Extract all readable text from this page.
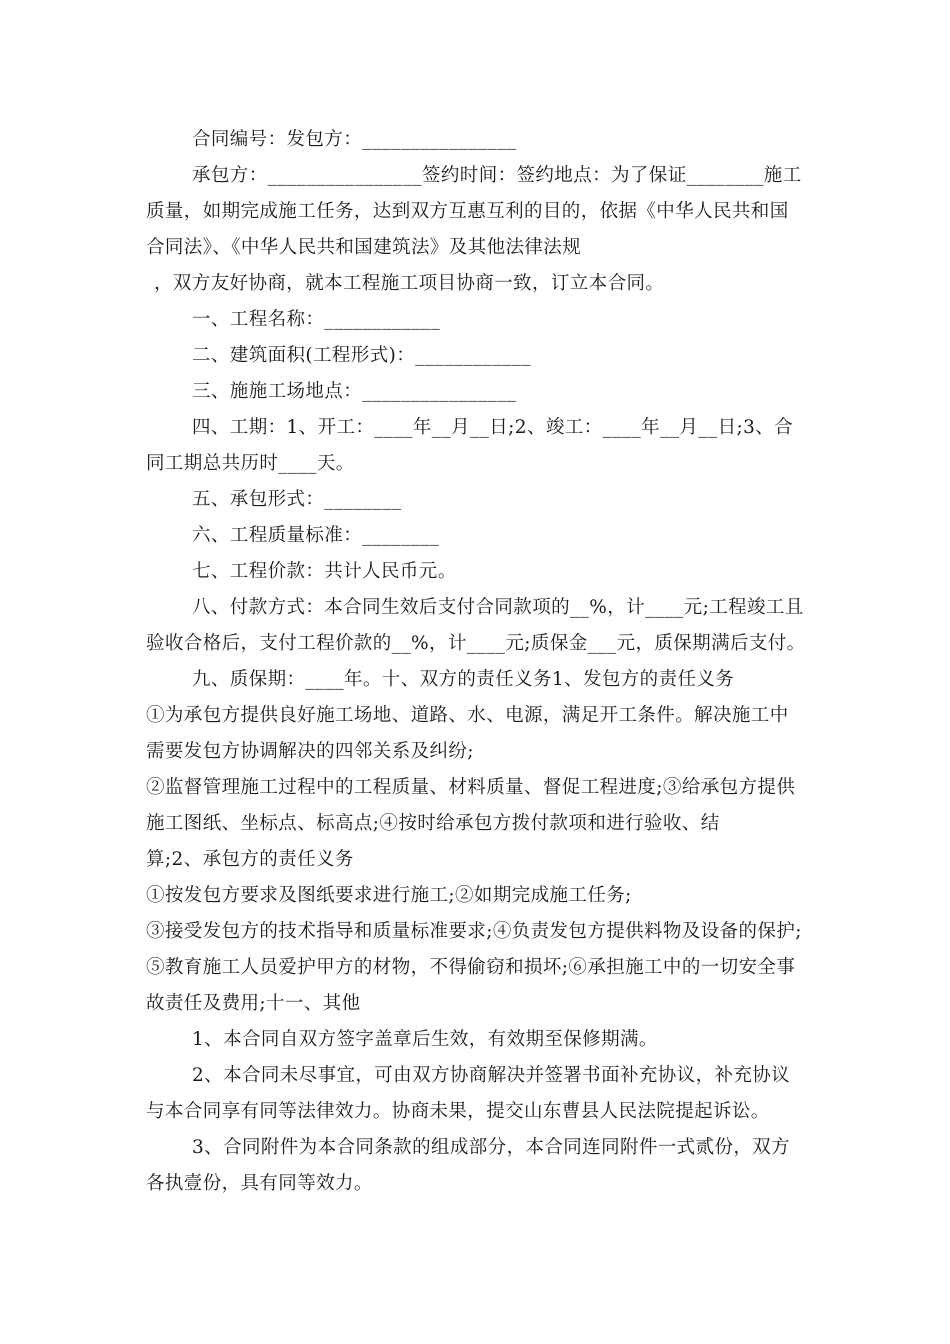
合同编号：发包方：________________

承包方：________________签约时间：签约地点：为了保证________施工质量，如期完成施工任务，达到双方互惠互利的目的，依据《中华人民共和国合同法》、《中华人民共和国建筑法》及其他法律法规

，双方友好协商，就本工程施工项目协商一致，订立本合同。

一、工程名称：____________

二、建筑面积(工程形式)：____________

三、施施工场地点：________________

四、工期：1、开工：____年__月__日;2、竣工：____年__月__日;3、合同工期总共历时____天。

五、承包形式：________

六、工程质量标准：________

七、工程价款：共计人民币元。

八、付款方式：本合同生效后支付合同款项的__%，计____元;工程竣工且验收合格后，支付工程价款的__%，计____元;质保金___元，质保期满后支付。

九、质保期：____年。十、双方的责任义务1、发包方的责任义务

①为承包方提供良好施工场地、道路、水、电源，满足开工条件。解决施工中需要发包方协调解决的四邻关系及纠纷;

②监督管理施工过程中的工程质量、材料质量、督促工程进度;③给承包方提供施工图纸、坐标点、标高点;④按时给承包方拨付款项和进行验收、结

算;2、承包方的责任义务

①按发包方要求及图纸要求进行施工;②如期完成施工任务;

③接受发包方的技术指导和质量标准要求;④负责发包方提供料物及设备的保护;

⑤教育施工人员爱护甲方的材物，不得偷窃和损坏;⑥承担施工中的一切安全事故责任及费用;十一、其他

1、本合同自双方签字盖章后生效，有效期至保修期满。

2、本合同未尽事宜，可由双方协商解决并签署书面补充协议，补充协议与本合同享有同等法律效力。协商未果，提交山东曹县人民法院提起诉讼。

3、合同附件为本合同条款的组成部分，本合同连同附件一式贰份，双方各执壹份，具有同等效力。
